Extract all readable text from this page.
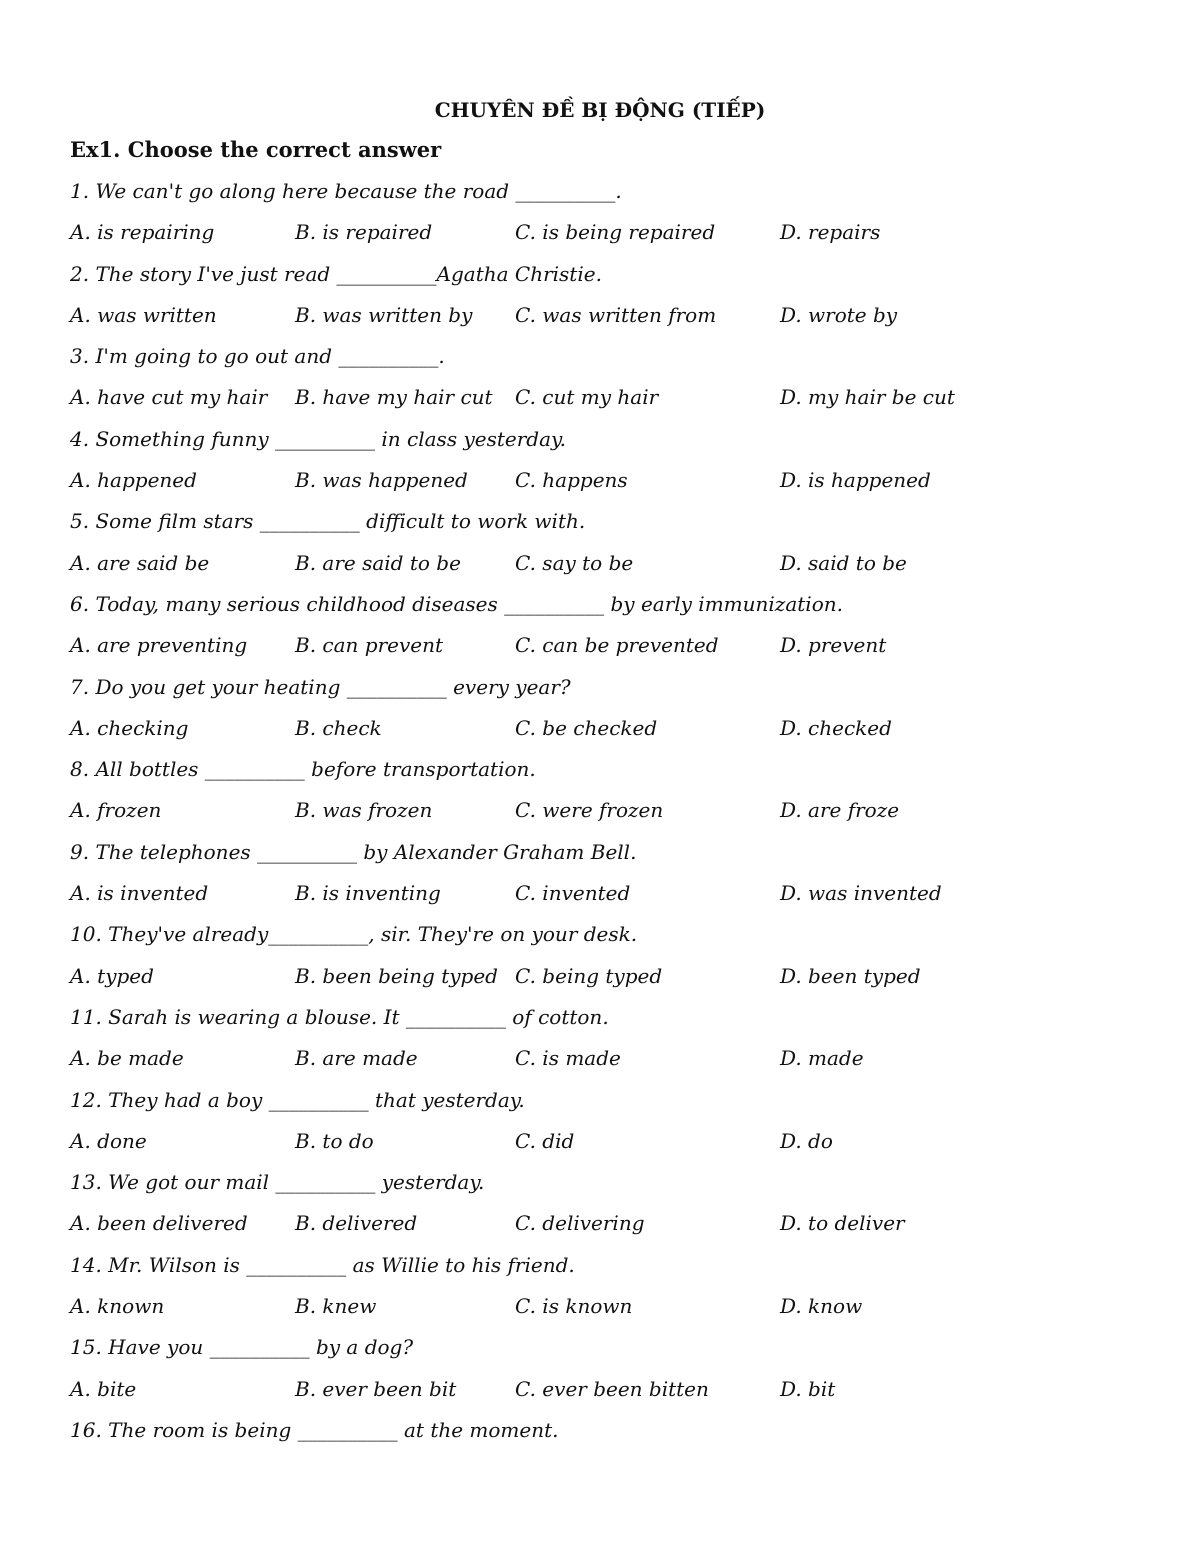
CHUYÊN ĐỀ BỊ ĐỘNG (TIẾP)
Ex1. Choose the correct answer
1. We can't go along here because the road __________.
A. is repairing	B. is repaired	C. is being repaired	D. repairs
2. The story I've just read __________Agatha Christie.
A. was written	B. was written by C. was written from	D. wrote by
3. I'm going to go out and __________.
A. have cut my hair B. have my hair cut C. cut my hair	D. my hair be cut
4. Something funny __________ in class yesterday.
A. happened	B. was happened C. happens	D. is happened
5. Some film stars __________ difficult to work with.
A. are said be	B. are said to be	C. say to be	D. said to be
6. Today, many serious childhood diseases __________ by early immunization.
A. are preventing B. can prevent	C. can be prevented	D. prevent
7. Do you get your heating __________ every year?
A. checking	B. check	C. be checked	D. checked
8. All bottles __________ before transportation.
A. frozen	B. was frozen	C. were frozen	D. are froze
9. The telephones __________ by Alexander Graham Bell.
A. is invented	B. is inventing	C. invented	D. was invented
10. They've already__________, sir. They're on your desk.
A. typed	B. been being typed C. being typed	D. been typed
11. Sarah is wearing a blouse. It __________ of cotton.
A. be made	B. are made	C. is made	D. made
12. They had a boy __________ that yesterday.
A. done	B. to do	C. did	D. do
13. We got our mail __________ yesterday.
A. been delivered B. delivered	C. delivering	D. to deliver
14. Mr. Wilson is __________ as Willie to his friend.
A. known	B. knew	C. is known	D. know
15. Have you __________ by a dog?
A. bite	B. ever been bit	C. ever been bitten	D. bit
16. The room is being __________ at the moment.
